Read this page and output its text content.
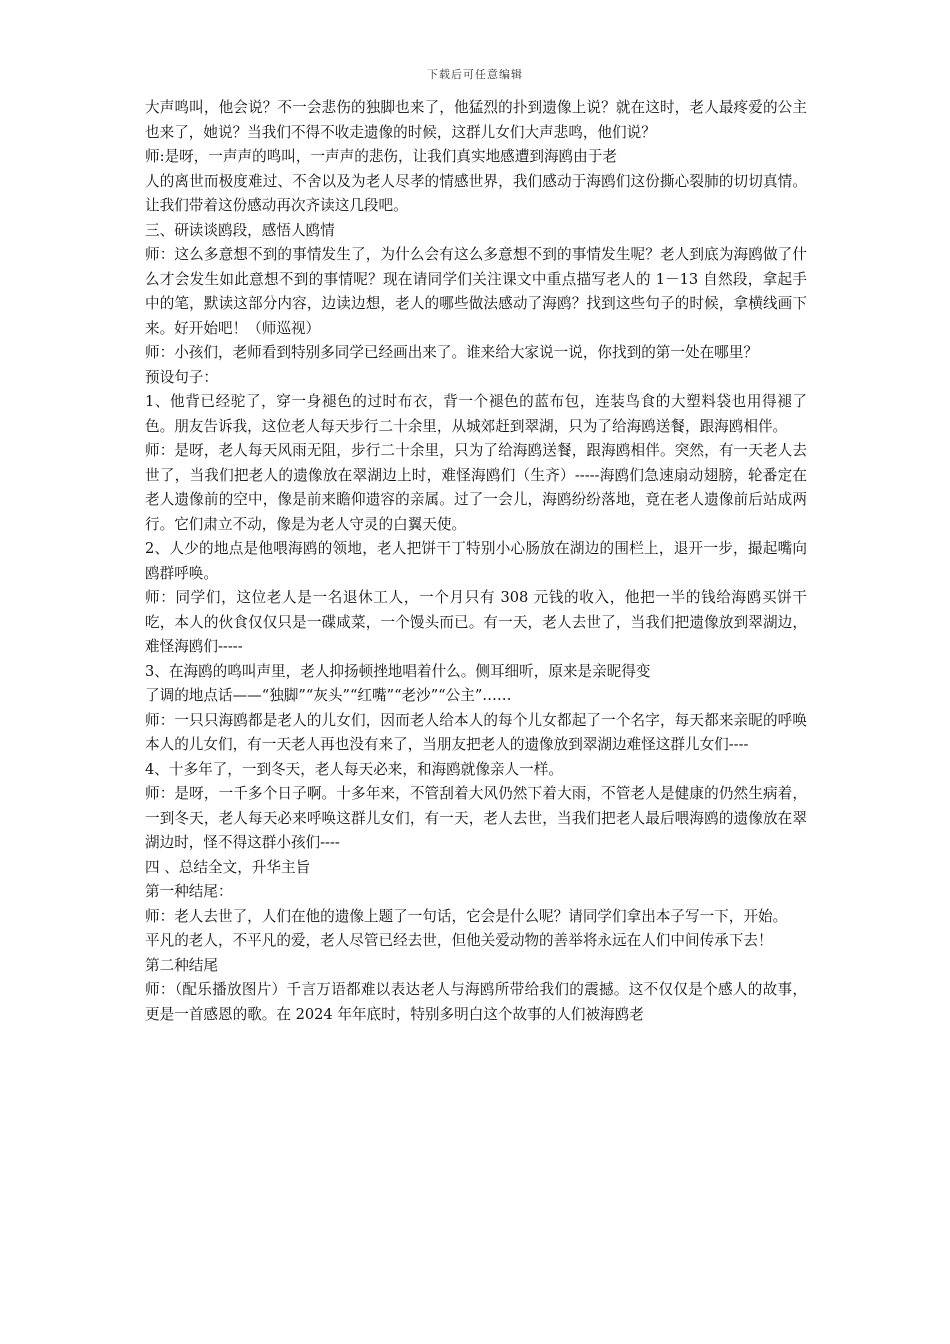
下载后可任意编辑

大声鸣叫，他会说？不一会悲伤的独脚也来了，他猛烈的扑到遗像上说？就在这时，老人最疼爱的公主也来了，她说？当我们不得不收走遗像的时候，这群儿女们大声悲鸣，他们说？

师:是呀，一声声的鸣叫，一声声的悲伤，让我们真实地感遭到海鸥由于老

人的离世而极度难过、不舍以及为老人尽孝的情感世界，我们感动于海鸥们这份撕心裂肺的切切真情。让我们带着这份感动再次齐读这几段吧。

三、研读谈鸥段，感悟人鸥情

师：这么多意想不到的事情发生了，为什么会有这么多意想不到的事情发生呢？老人到底为海鸥做了什么才会发生如此意想不到的事情呢？现在请同学们关注课文中重点描写老人的 1－13 自然段，拿起手中的笔，默读这部分内容，边读边想，老人的哪些做法感动了海鸥？找到这些句子的时候，拿横线画下来。好开始吧！（师巡视）

师：小孩们，老师看到特别多同学已经画出来了。谁来给大家说一说，你找到的第一处在哪里？

预设句子：

1、他背已经驼了，穿一身褪色的过时布衣，背一个褪色的蓝布包，连装鸟食的大塑料袋也用得褪了色。朋友告诉我，这位老人每天步行二十余里，从城郊赶到翠湖，只为了给海鸥送餐，跟海鸥相伴。

师：是呀，老人每天风雨无阻，步行二十余里，只为了给海鸥送餐，跟海鸥相伴。突然，有一天老人去世了，当我们把老人的遗像放在翠湖边上时，难怪海鸥们（生齐）-----海鸥们急速扇动翅膀，轮番定在老人遗像前的空中，像是前来瞻仰遗容的亲属。过了一会儿，海鸥纷纷落地，竟在老人遗像前后站成两行。它们肃立不动，像是为老人守灵的白翼天使。

2、人少的地点是他喂海鸥的领地，老人把饼干丁特别小心肠放在湖边的围栏上，退开一步，撮起嘴向鸥群呼唤。

师：同学们，这位老人是一名退休工人，一个月只有 308 元钱的收入，他把一半的钱给海鸥买饼干吃，本人的伙食仅仅只是一碟咸菜，一个馒头而已。有一天，老人去世了，当我们把遗像放到翠湖边，难怪海鸥们-----

3、在海鸥的鸣叫声里，老人抑扬顿挫地唱着什么。侧耳细听，原来是亲昵得变

了调的地点话——“独脚”“灰头”“红嘴”“老沙”“公主”……

师：一只只海鸥都是老人的儿女们，因而老人给本人的每个儿女都起了一个名字，每天都来亲昵的呼唤本人的儿女们，有一天老人再也没有来了，当朋友把老人的遗像放到翠湖边难怪这群儿女们----

4、十多年了，一到冬天，老人每天必来，和海鸥就像亲人一样。

师：是呀，一千多个日子啊。十多年来，不管刮着大风仍然下着大雨，不管老人是健康的仍然生病着，一到冬天，老人每天必来呼唤这群儿女们，有一天，老人去世，当我们把老人最后喂海鸥的遗像放在翠湖边时，怪不得这群小孩们----

四 、总结全文，升华主旨

第一种结尾：

师：老人去世了，人们在他的遗像上题了一句话，它会是什么呢？请同学们拿出本子写一下，开始。

平凡的老人，不平凡的爱，老人尽管已经去世，但他关爱动物的善举将永远在人们中间传承下去！

第二种结尾

师：（配乐播放图片）千言万语都难以表达老人与海鸥所带给我们的震撼。这不仅仅是个感人的故事，更是一首感恩的歌。在 2024 年年底时，特别多明白这个故事的人们被海鸥老
